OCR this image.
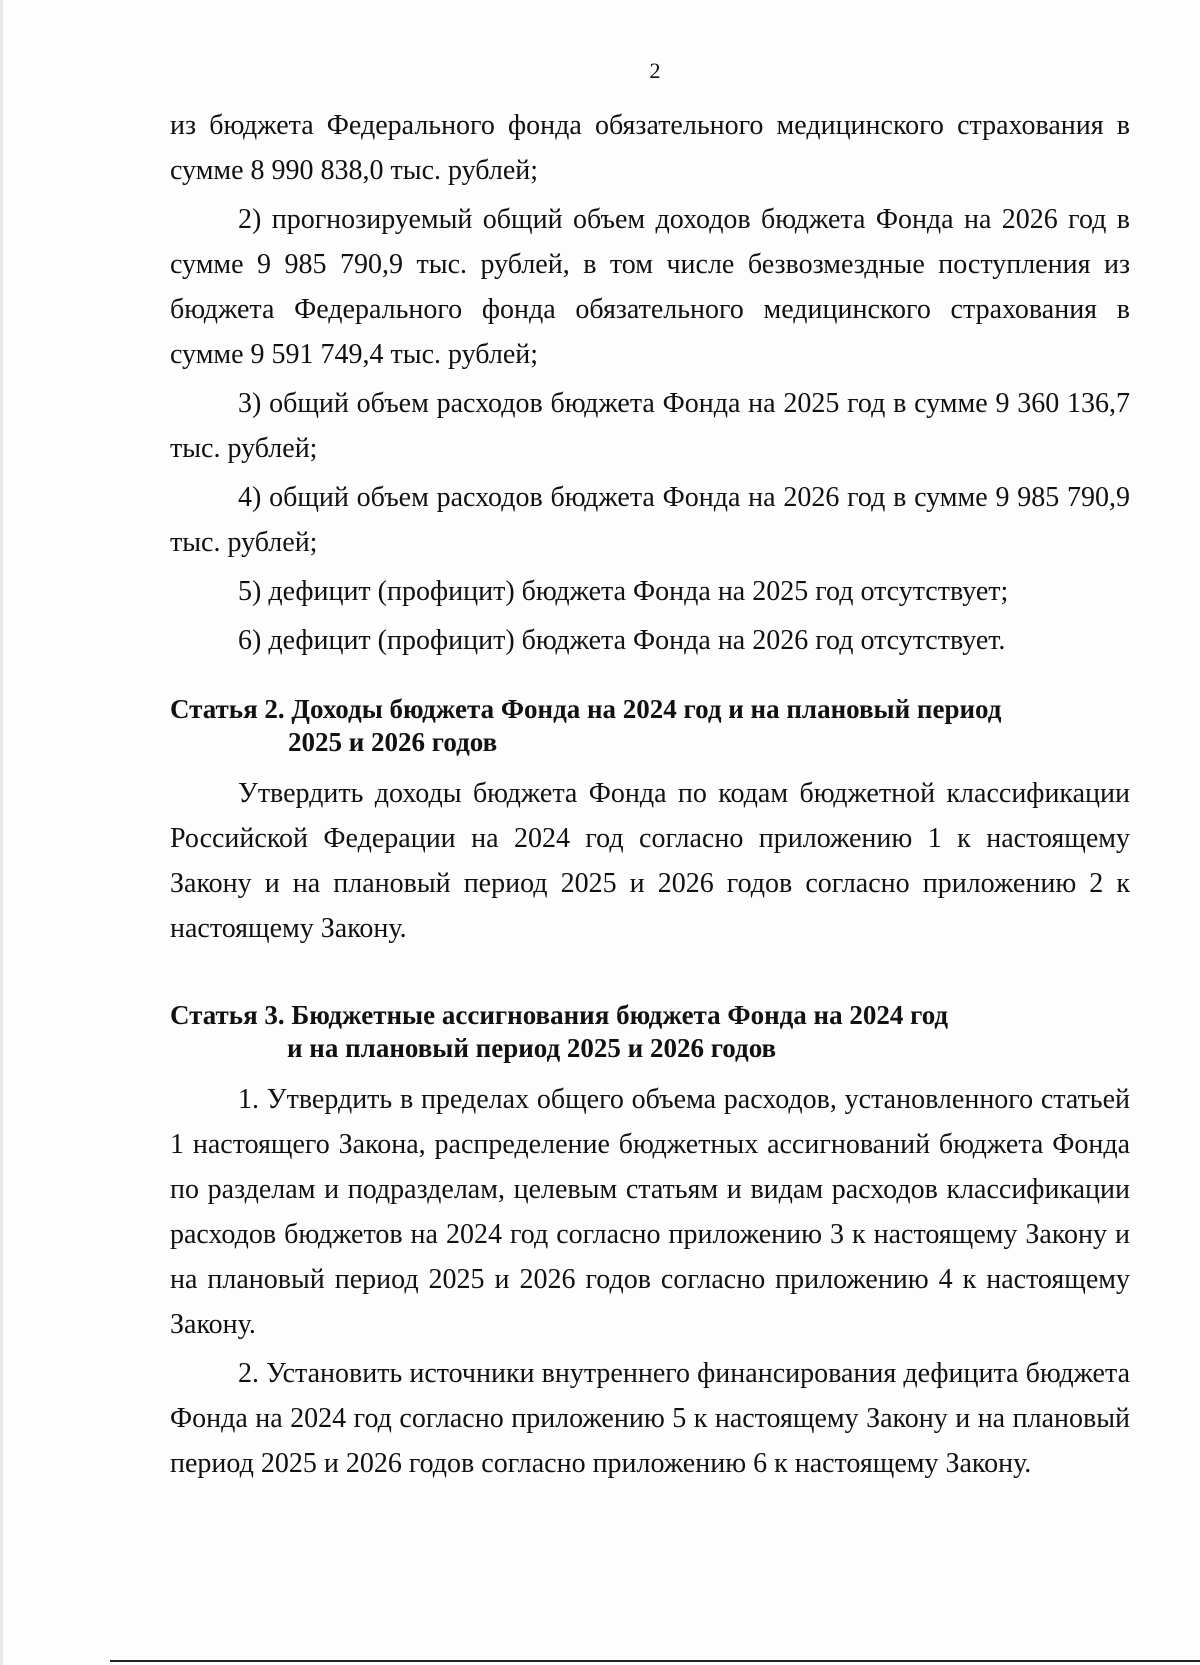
2

из бюджета Федерального фонда обязательного медицинского страхования в сумме 8 990 838,0 тыс. рублей;

2) прогнозируемый общий объем доходов бюджета Фонда на 2026 год в сумме 9 985 790,9 тыс. рублей, в том числе безвозмездные поступления из бюджета Федерального фонда обязательного медицинского страхования в сумме 9 591 749,4 тыс. рублей;

3) общий объем расходов бюджета Фонда на 2025 год в сумме 9 360 136,7 тыс. рублей;

4) общий объем расходов бюджета Фонда на 2026 год в сумме 9 985 790,9 тыс. рублей;

5) дефицит (профицит) бюджета Фонда на 2025 год отсутствует;

6) дефицит (профицит) бюджета Фонда на 2026 год отсутствует.

Статья 2. Доходы бюджета Фонда на 2024 год и на плановый период
2025 и 2026 годов

Утвердить доходы бюджета Фонда по кодам бюджетной классификации Российской Федерации на 2024 год согласно приложению 1 к настоящему Закону и на плановый период 2025 и 2026 годов согласно приложению 2 к настоящему Закону.

Статья 3. Бюджетные ассигнования бюджета Фонда на 2024 год
и на плановый период 2025 и 2026 годов

1. Утвердить в пределах общего объема расходов, установленного статьей 1 настоящего Закона, распределение бюджетных ассигнований бюджета Фонда по разделам и подразделам, целевым статьям и видам расходов классификации расходов бюджетов на 2024 год согласно приложению 3 к настоящему Закону и на плановый период 2025 и 2026 годов согласно приложению 4 к настоящему Закону.

2. Установить источники внутреннего финансирования дефицита бюджета Фонда на 2024 год согласно приложению 5 к настоящему Закону и на плановый период 2025 и 2026 годов согласно приложению 6 к настоящему Закону.
